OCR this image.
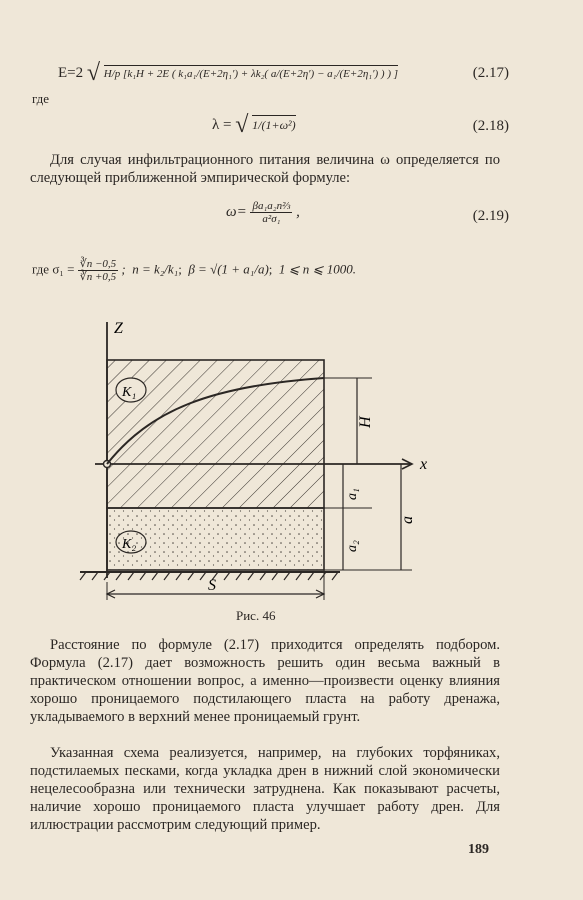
E=2 √ H/p [k₁H + 2E ( k₁a₁/(E+2η₁′) + λk₂( a/(E+2η′) − a₁/(E+2η₁′) ) ) ]	(2.17)
где
λ = √ 1/(1+ω²)	(2.18)

Для случая инфильтрационного питания величина ω определяется по следующей приближенной эмпирической формуле:

$\omega= \frac{\text{βa₁a₂n⅔}}{\text{a²σ₁}}$ ,	(2.19)
где $\sigma_1 = \frac{∛n -0,5}{∛n +0,5}$ ;  n = k₂/k₁;  β = √(1 + a₁/a);  1 ⩽ n ⩽ 1000.
Z
x
K₁
K₂
H
a₁
a₂
a
S
Рис. 46

Расстояние по формуле (2.17) приходится определять подбором. Формула (2.17) дает возможность решить один весьма важный в практическом отношении вопрос, а именно—произвести оценку влияния хорошо проницаемого подстилающего пласта на работу дренажа, укладываемого в верхний менее проницаемый грунт.

Указанная схема реализуется, например, на глубоких торфяниках, подстилаемых песками, когда укладка дрен в нижний слой экономически нецелесообразна или технически затруднена. Как показывают расчеты, наличие хорошо проницаемого пласта улучшает работу дрен. Для иллюстрации рассмотрим следующий пример.

189
